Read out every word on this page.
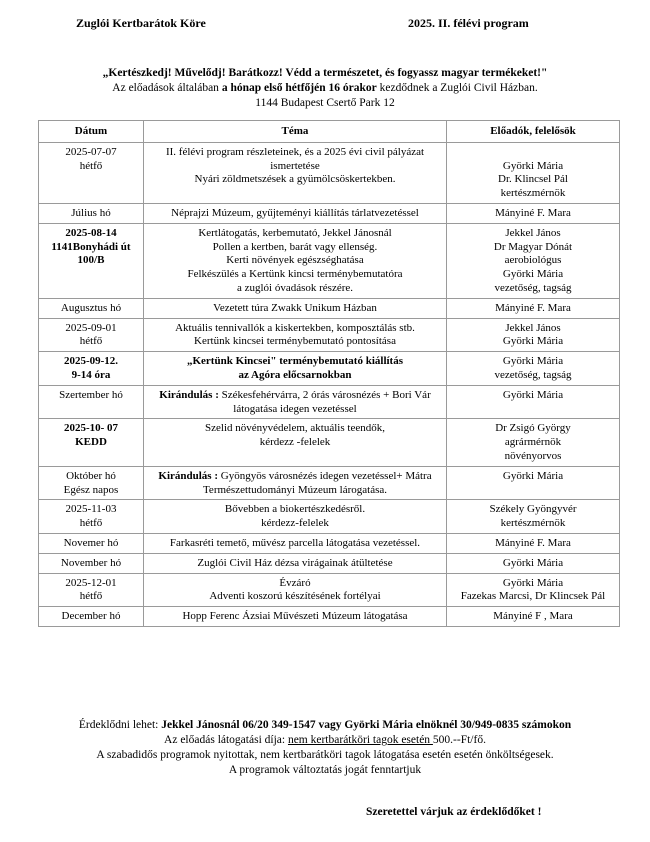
Zuglói Kertbarátok Köre	2025. II. félévi program
„Kertészkedj! Művelődj! Barátkozz! Védd a természetet, és fogyassz magyar termékeket!"
Az előadások általában a hónap első hétfőjén 16 órakor kezdődnek a Zuglói Civil Házban.
1144 Budapest Csertő Park 12
Dátum	Téma	Előadók, felelősök

2025-07-07
hétfő	II. félévi program részleteinek, és a 2025 évi civil pályázat ismertetése
Nyári zöldmetszések a gyümölcsöskertekben.	Györki Mária
Dr. Klincsel Pál
kertészmérnök

Július hó	Néprajzi Múzeum, gyűjteményi kiállítás tárlatvezetéssel	Mányiné F. Mara

2025-08-14
1141Bonyhádi út
100/B	Kertlátogatás, kerbemutató, Jekkel Jánosnál
Pollen a kertben, barát vagy ellenség.
Kerti növények egészséghatása
Felkészülés a Kertünk kincsi terménybemutatóra
a zuglói óvadások részére.	Jekkel János
Dr Magyar Dónát
aerobiológus
Györki Mária
vezetőség, tagság

Augusztus hó	Vezetett túra Zwakk Unikum Házban	Mányiné F. Mara

2025-09-01
hétfő	Aktuális tennivallók a kiskertekben, komposztálás stb.
Kertünk kincsei terménybemutató pontosítása	Jekkel János
Györki Mária

2025-09-12.
9-14 óra	„Kertünk Kincsei" terménybemutató kiállítás
az Agóra előcsarnokban	Györki Mária
vezetőség, tagság

Szertember hó	Kirándulás : Székesfehérvárra, 2 órás városnézés + Bori Vár látogatása idegen vezetéssel	Györki Mária

2025-10- 07
KEDD	Szelid növényvédelem, aktuális teendők,
kérdezz -felelek	Dr Zsigó György
agrármérnök
növényorvos

Október hó
Egész napos	Kirándulás : Gyöngyös városnézés idegen vezetéssel+ Mátra Természettudományi Múzeum lárogatása.	Györki Mária

2025-11-03
hétfő	Bővebben a biokertészkedésről.
kérdezz-felelek	Székely Gyöngyvér
kertészmérnök

Novemer hó	Farkasréti temető, művész parcella látogatása vezetéssel.	Mányiné F. Mara

November hó	Zuglói Civil Ház dézsa virágainak átültetése	Györki Mária

2025-12-01
hétfő	Évzáró
Adventi koszorú készítésének fortélyai	Györki Mária
Fazekas Marcsi, Dr Klincsek Pál

December hó	Hopp Ferenc Ázsiai Művészeti Múzeum látogatása	Mányiné F , Mara
Érdeklődni lehet: Jekkel Jánosnál 06/20 349-1547 vagy Györki Mária elnöknél 30/949-0835 számokon
Az előadás látogatási díja: nem kertbarátköri tagok esetén 500.--Ft/fő.
A szabadidős programok nyitottak, nem kertbarátköri tagok látogatása esetén esetén önköltségesek.
A programok változtatás jogát fenntartjuk
Szeretettel várjuk az érdeklődőket !
